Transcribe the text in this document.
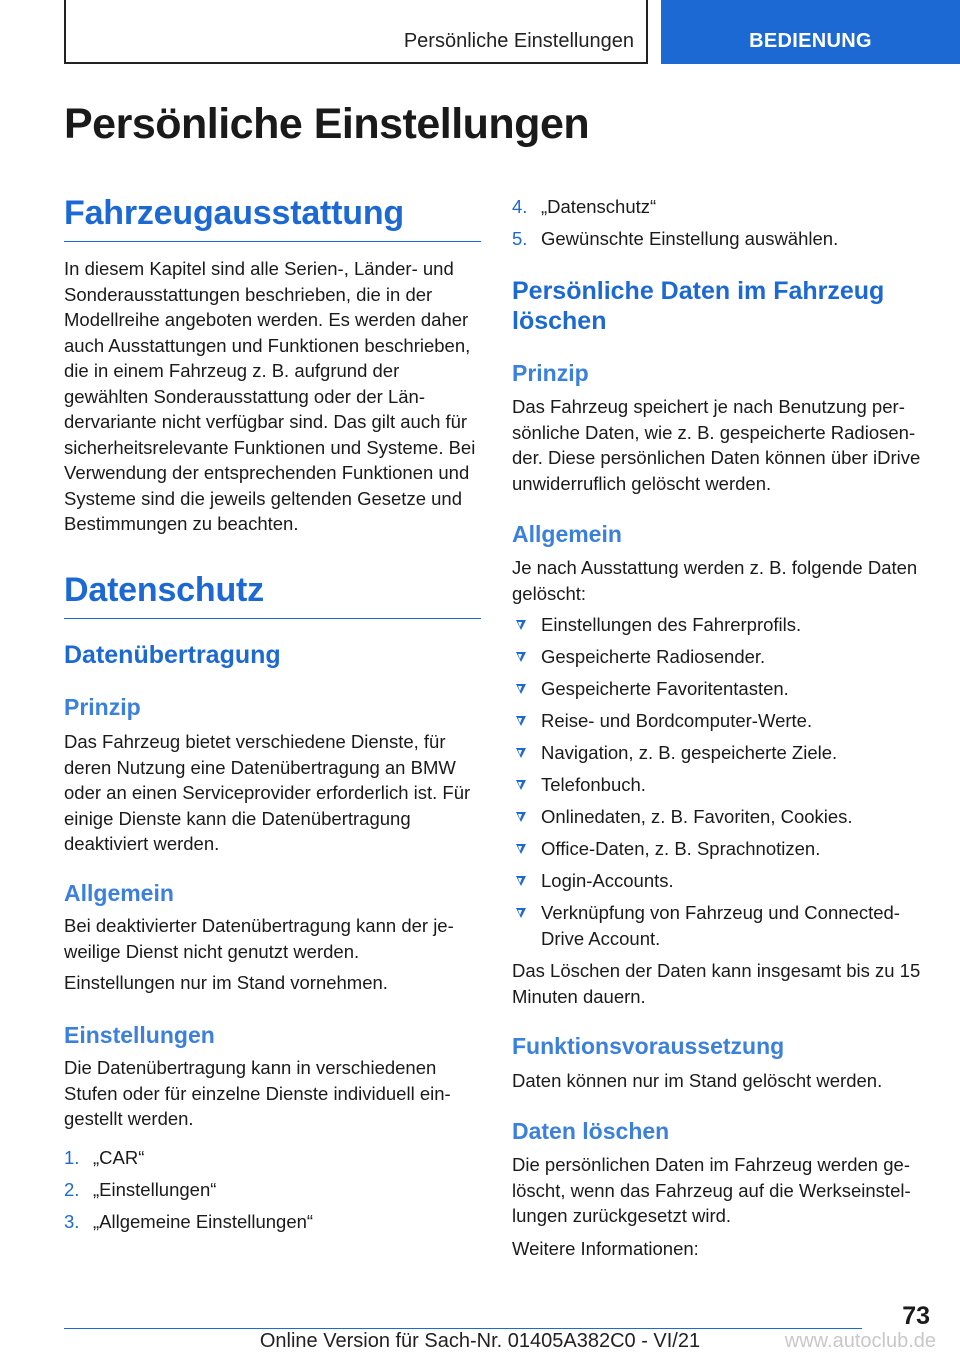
Persönliche Einstellungen	BEDIENUNG
Persönliche Einstellungen
Fahrzeugausstattung

In diesem Kapitel sind alle Serien-, Länder- und Sonderausstattungen beschrieben, die in der Modellreihe angeboten werden. Es werden daher auch Ausstattungen und Funktionen beschrieben, die in einem Fahrzeug z. B. aufgrund der gewählten Sonderausstattung oder der Ländervariante nicht verfügbar sind. Das gilt auch für sicherheitsrelevante Funktionen und Systeme. Bei Verwendung der entsprechenden Funktionen und Systeme sind die jeweils geltenden Gesetze und Bestimmungen zu beachten.

Datenschutz
Datenübertragung
Prinzip

Das Fahrzeug bietet verschiedene Dienste, für deren Nutzung eine Datenübertragung an BMW oder an einen Serviceprovider erforderlich ist. Für einige Dienste kann die Datenübertragung deaktiviert werden.

Allgemein

Bei deaktivierter Datenübertragung kann der jeweilige Dienst nicht genutzt werden.

Einstellungen nur im Stand vornehmen.

Einstellungen

Die Datenübertragung kann in verschiedenen Stufen oder für einzelne Dienste individuell eingestellt werden.

1. „CAR“
2. „Einstellungen“
3. „Allgemeine Einstellungen“
4. „Datenschutz“
5. Gewünschte Einstellung auswählen.
Persönliche Daten im Fahrzeug löschen
Prinzip

Das Fahrzeug speichert je nach Benutzung persönliche Daten, wie z. B. gespeicherte Radiosender. Diese persönlichen Daten können über iDrive unwiderruflich gelöscht werden.

Allgemein

Je nach Ausstattung werden z. B. folgende Daten gelöscht:

Einstellungen des Fahrerprofils.
Gespeicherte Radiosender.
Gespeicherte Favoritentasten.
Reise- und Bordcomputer-Werte.
Navigation, z. B. gespeicherte Ziele.
Telefonbuch.
Onlinedaten, z. B. Favoriten, Cookies.
Office-Daten, z. B. Sprachnotizen.
Login-Accounts.
Verknüpfung von Fahrzeug und ConnectedDrive Account.

Das Löschen der Daten kann insgesamt bis zu 15 Minuten dauern.

Funktionsvoraussetzung

Daten können nur im Stand gelöscht werden.

Daten löschen

Die persönlichen Daten im Fahrzeug werden gelöscht, wenn das Fahrzeug auf die Werkseinstellungen zurückgesetzt wird.

Weitere Informationen:

73
Online Version für Sach-Nr. 01405A382C0 - VI/21	www.autoclub.de
